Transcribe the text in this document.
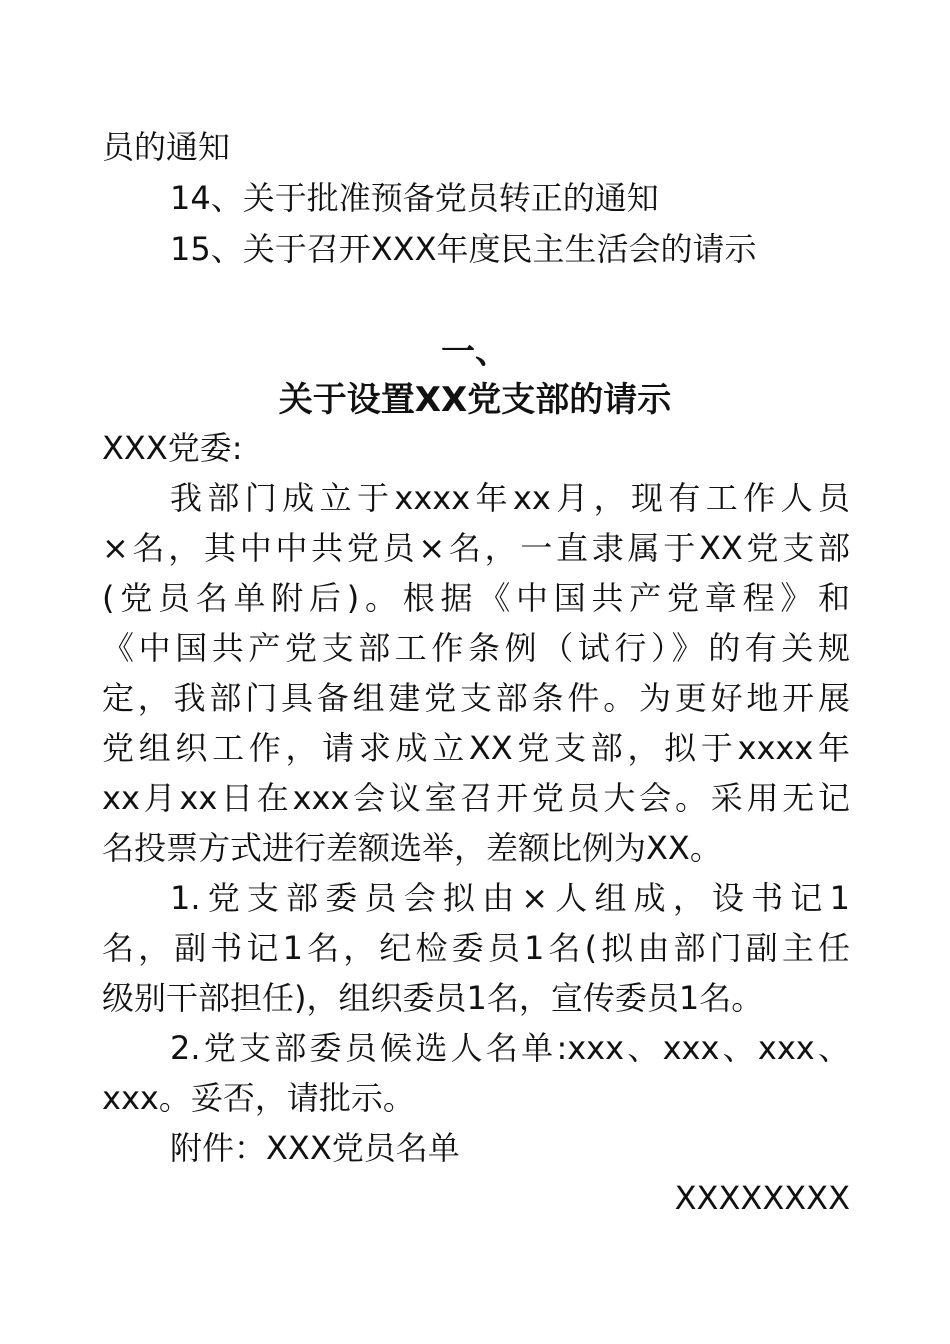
员的通知
14、关于批准预备党员转正的通知
15、关于召开XXX年度民主生活会的请示
一、
关于设置XX党支部的请示
XXX党委:
我部门成立于xxxx年xx月，现有工作人员
×名，其中中共党员×名，一直隶属于XX党支部
(党员名单附后)。根据《中国共产党章程》和
《中国共产党支部工作条例（试行）》的有关规
定，我部门具备组建党支部条件。为更好地开展
党组织工作，请求成立XX党支部，拟于xxxx年
xx月xx日在xxx会议室召开党员大会。采用无记
名投票方式进行差额选举，差额比例为XX。
1.党支部委员会拟由×人组成，设书记1
名，副书记1名，纪检委员1名(拟由部门副主任
级别干部担任)，组织委员1名，宣传委员1名。
2.党支部委员候选人名单:xxx、xxx、xxx、
xxx。妥否，请批示。
附件：XXX党员名单
XXXXXXXX
